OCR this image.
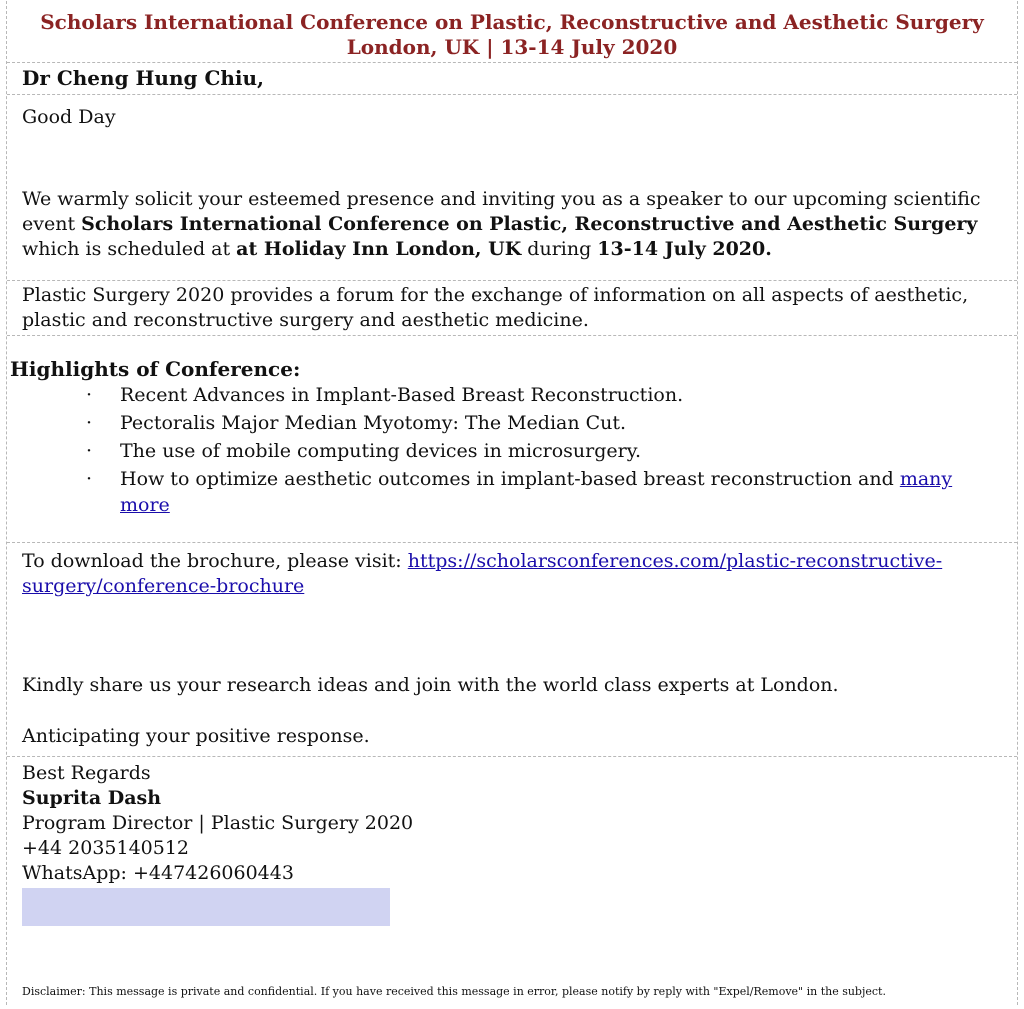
Scholars International Conference on Plastic, Reconstructive and Aesthetic Surgery
London, UK | 13-14 July 2020
Dr Cheng Hung Chiu,
Good Day
We warmly solicit your esteemed presence and inviting you as a speaker to our upcoming scientific event Scholars International Conference on Plastic, Reconstructive and Aesthetic Surgery which is scheduled at at Holiday Inn London, UK during 13-14 July 2020.
Plastic Surgery 2020 provides a forum for the exchange of information on all aspects of aesthetic, plastic and reconstructive surgery and aesthetic medicine.
Highlights of Conference:
· Recent Advances in Implant-Based Breast Reconstruction.
· Pectoralis Major Median Myotomy: The Median Cut.
· The use of mobile computing devices in microsurgery.
· How to optimize aesthetic outcomes in implant-based breast reconstruction and many more
To download the brochure, please visit: https://scholarsconferences.com/plastic-reconstructive-surgery/conference-brochure
Kindly share us your research ideas and join with the world class experts at London.
Anticipating your positive response.
Best Regards
Suprita Dash
Program Director | Plastic Surgery 2020
+44 2035140512
WhatsApp: +447426060443
Disclaimer: This message is private and confidential. If you have received this message in error, please notify by reply with "Expel/Remove" in the subject.
